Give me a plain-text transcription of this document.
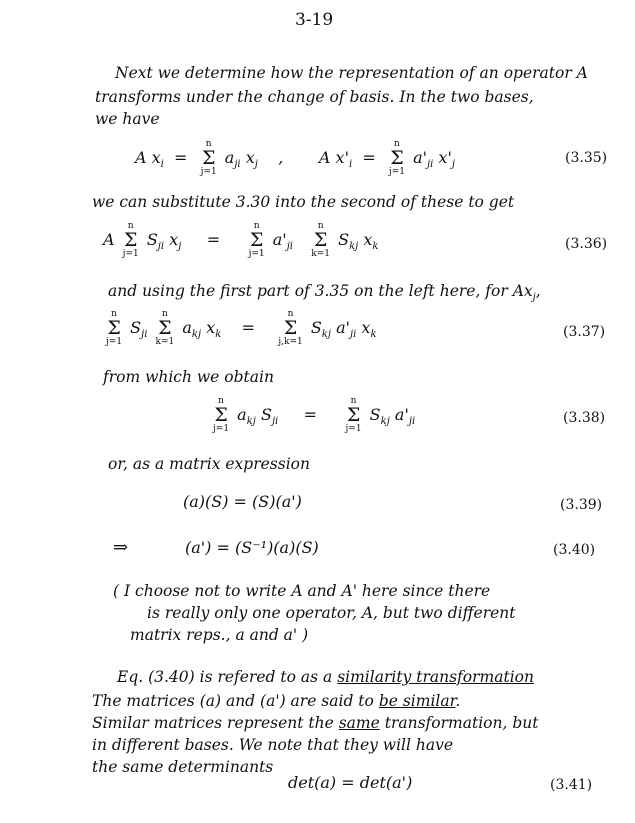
3-19
Next we determine how the representation of an operator A
transforms under the change of basis. In the two bases,
we have
A $x_i$  =
n
Σ
j=1
$a_{ji}$ $x_j$    ,       A $x'_i$  =
n
Σ
j=1
$a'_{ji}$ $x'_j$	(3.35)
we can substitute 3.30 into the second of these to get
A
n
Σ
j=1
$S_{ji}$ $x_j$     =
n
Σ
j=1
$a'_{ji}$
n
Σ
k=1
$S_{kj}$ $x_k$	(3.36)
and using the first part of 3.35 on the left here, for $Ax_j$,
n
Σ
j=1
$S_{ji}$
n
Σ
k=1
$a_{kj}$ $x_k$    =
n
Σ
j,k=1
$S_{kj}$ $a'_{ji}$ $x_k$	(3.37)
from which we obtain
n
Σ
j=1
$a_{kj}$ $S_{ji}$     =
n
Σ
j=1
$S_{kj}$ $a'_{ji}$	(3.38)
or, as a matrix expression
(a)(S) = (S)(a')	(3.39)
⇒	(a') = (S⁻¹)(a)(S)	(3.40)
( I choose not to write A and A' here since there
is really only one operator, A, but two different
matrix reps., a and a' )
Eq. (3.40) is refered to as a similarity transformation
The matrices (a) and (a') are said to be similar.
Similar matrices represent the same transformation, but
in different bases. We note that they will have
the same determinants
det(a) = det(a')	(3.41)
